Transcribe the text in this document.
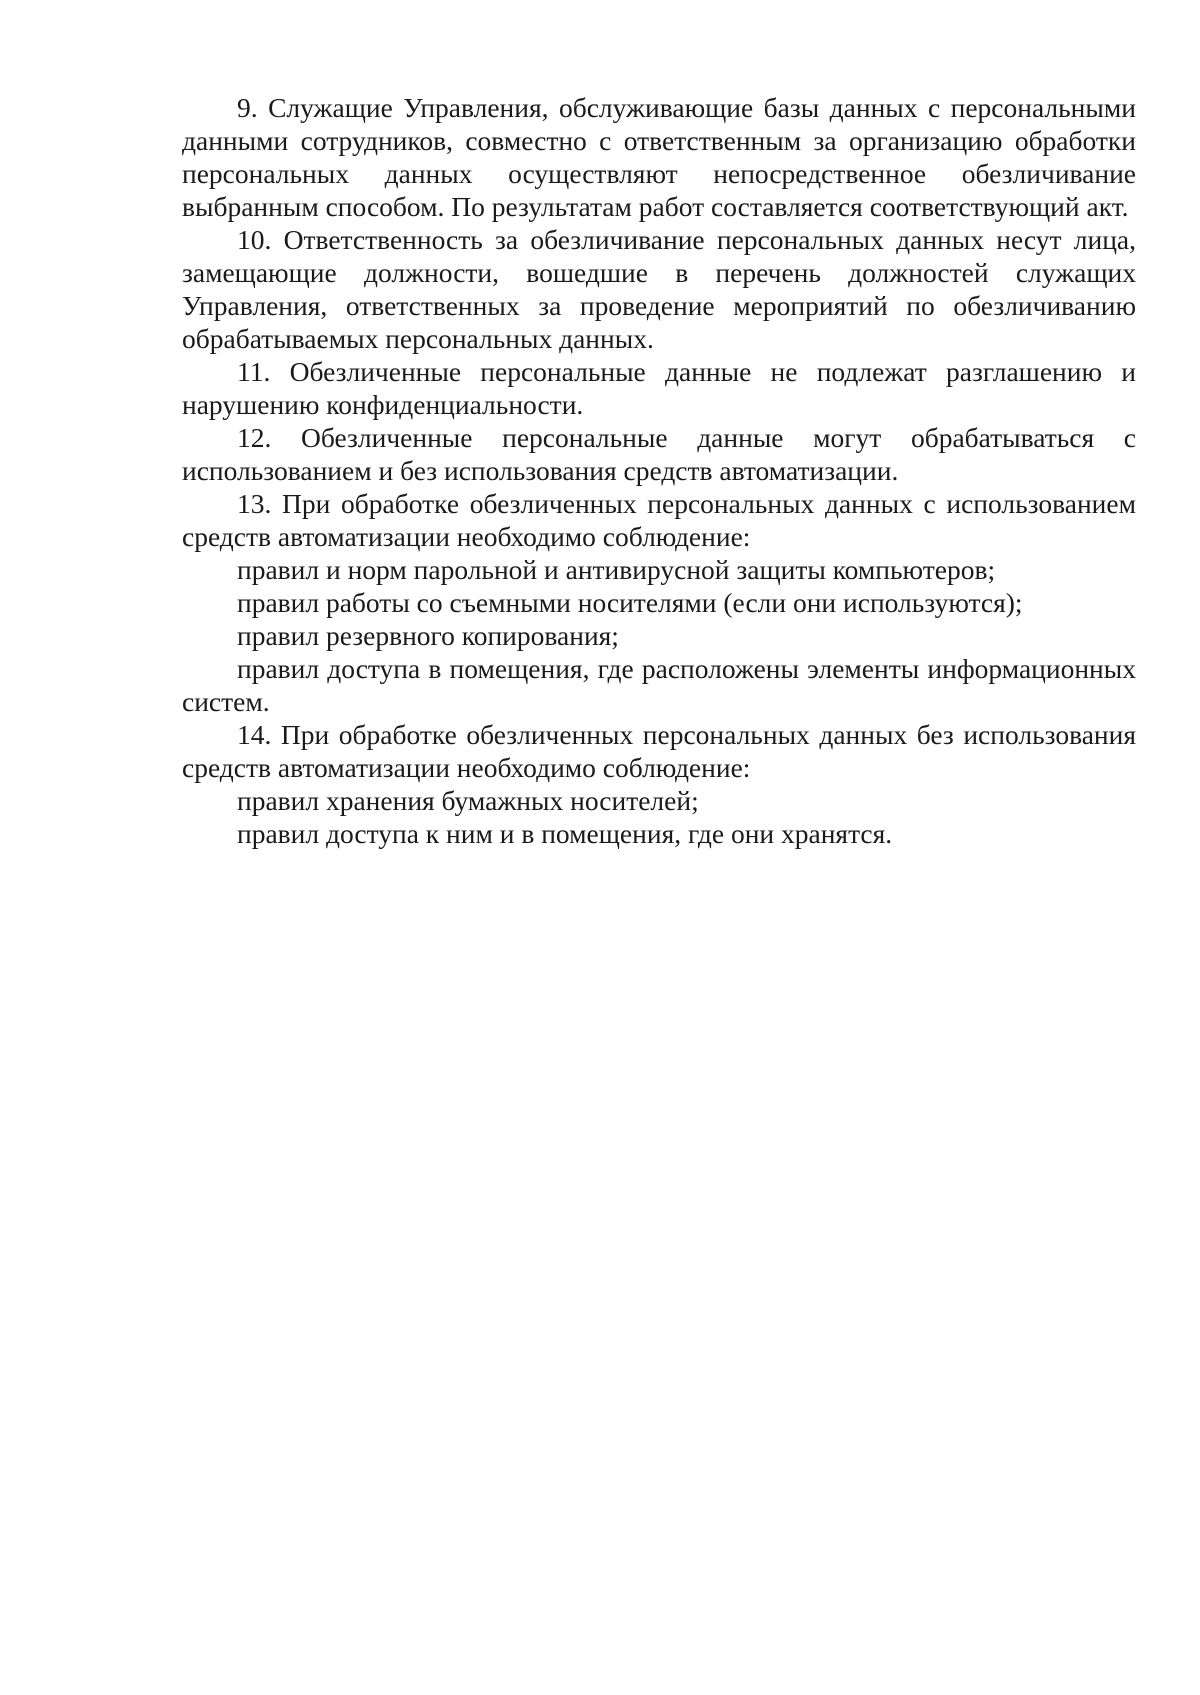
9. Служащие Управления, обслуживающие базы данных с персональными данными сотрудников, совместно с ответственным за организацию обработки персональных данных осуществляют непосредственное обезличивание выбранным способом. По результатам работ составляется соответствующий акт.

10. Ответственность за обезличивание персональных данных несут лица, замещающие должности, вошедшие в перечень должностей служащих Управления, ответственных за проведение мероприятий по обезличиванию обрабатываемых персональных данных.

11. Обезличенные персональные данные не подлежат разглашению и нарушению конфиденциальности.

12. Обезличенные персональные данные могут обрабатываться с использованием и без использования средств автоматизации.

13. При обработке обезличенных персональных данных с использованием средств автоматизации необходимо соблюдение:

правил и норм парольной и антивирусной защиты компьютеров;

правил работы со съемными носителями (если они используются);

правил резервного копирования;

правил доступа в помещения, где расположены элементы информационных систем.

14. При обработке обезличенных персональных данных без использования средств автоматизации необходимо соблюдение:

правил хранения бумажных носителей;

правил доступа к ним и в помещения, где они хранятся.
